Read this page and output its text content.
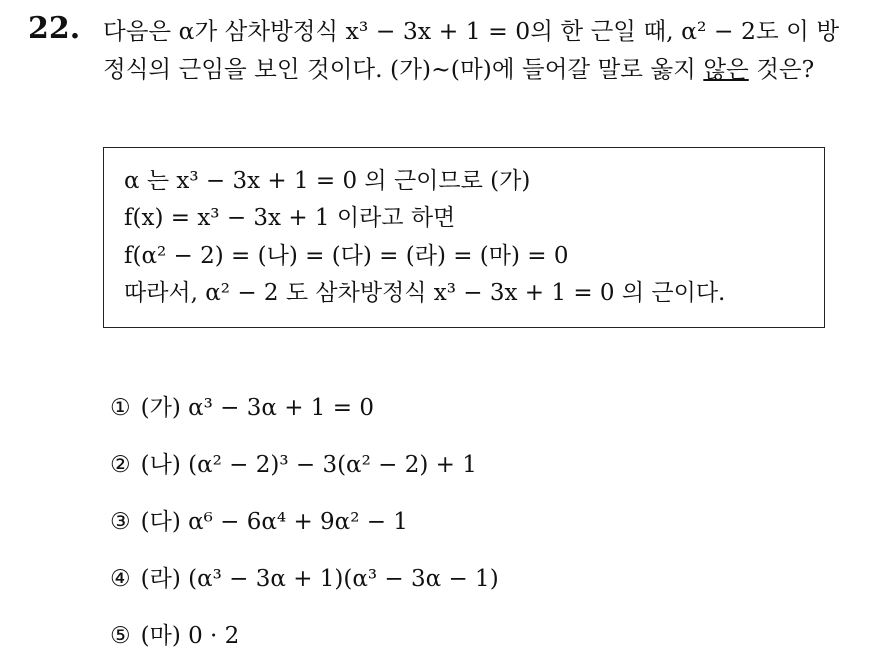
22. 다음은 α가 삼차방정식 x³ − 3x + 1 = 0의 한 근일 때, α² − 2도 이 방
정식의 근임을 보인 것이다. (가)~(마)에 들어갈 말로 옳지 않은 것은?
α 는 x³ − 3x + 1 = 0 의 근이므로 (가)
f(x) = x³ − 3x + 1 이라고 하면
f(α² − 2) = (나) = (다) = (라) = (마) = 0
따라서, α² − 2 도 삼차방정식 x³ − 3x + 1 = 0 의 근이다.
① (가) α³ − 3α + 1 = 0
② (나) (α² − 2)³ − 3(α² − 2) + 1
③ (다) α⁶ − 6α⁴ + 9α² − 1
④ (라) (α³ − 3α + 1)(α³ − 3α − 1)
⑤ (마) 0 · 2
